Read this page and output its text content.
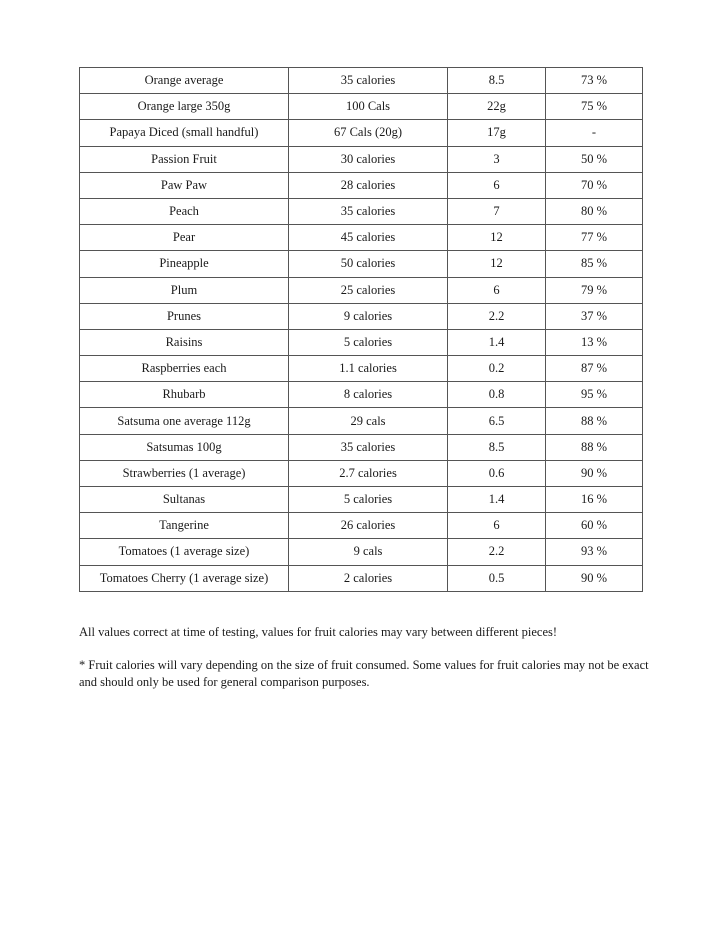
Orange average	35 calories	8.5	73 %
Orange large 350g	100 Cals	22g	75 %
Papaya Diced (small handful)	67 Cals (20g)	17g	-
Passion Fruit	30 calories	3	50 %
Paw Paw	28 calories	6	70 %
Peach	35 calories	7	80 %
Pear	45 calories	12	77 %
Pineapple	50 calories	12	85 %
Plum	25 calories	6	79 %
Prunes	9 calories	2.2	37 %
Raisins	5 calories	1.4	13 %
Raspberries each	1.1 calories	0.2	87 %
Rhubarb	8 calories	0.8	95 %
Satsuma one average 112g	29 cals	6.5	88 %
Satsumas 100g	35 calories	8.5	88 %
Strawberries (1 average)	2.7 calories	0.6	90 %
Sultanas	5 calories	1.4	16 %
Tangerine	26 calories	6	60 %
Tomatoes (1 average size)	9 cals	2.2	93 %
Tomatoes Cherry (1 average size)	2 calories	0.5	90 %

All values correct at time of testing, values for fruit calories may vary between different pieces!

* Fruit calories will vary depending on the size of fruit consumed. Some values for fruit calories may not be exact and should only be used for general comparison purposes.
